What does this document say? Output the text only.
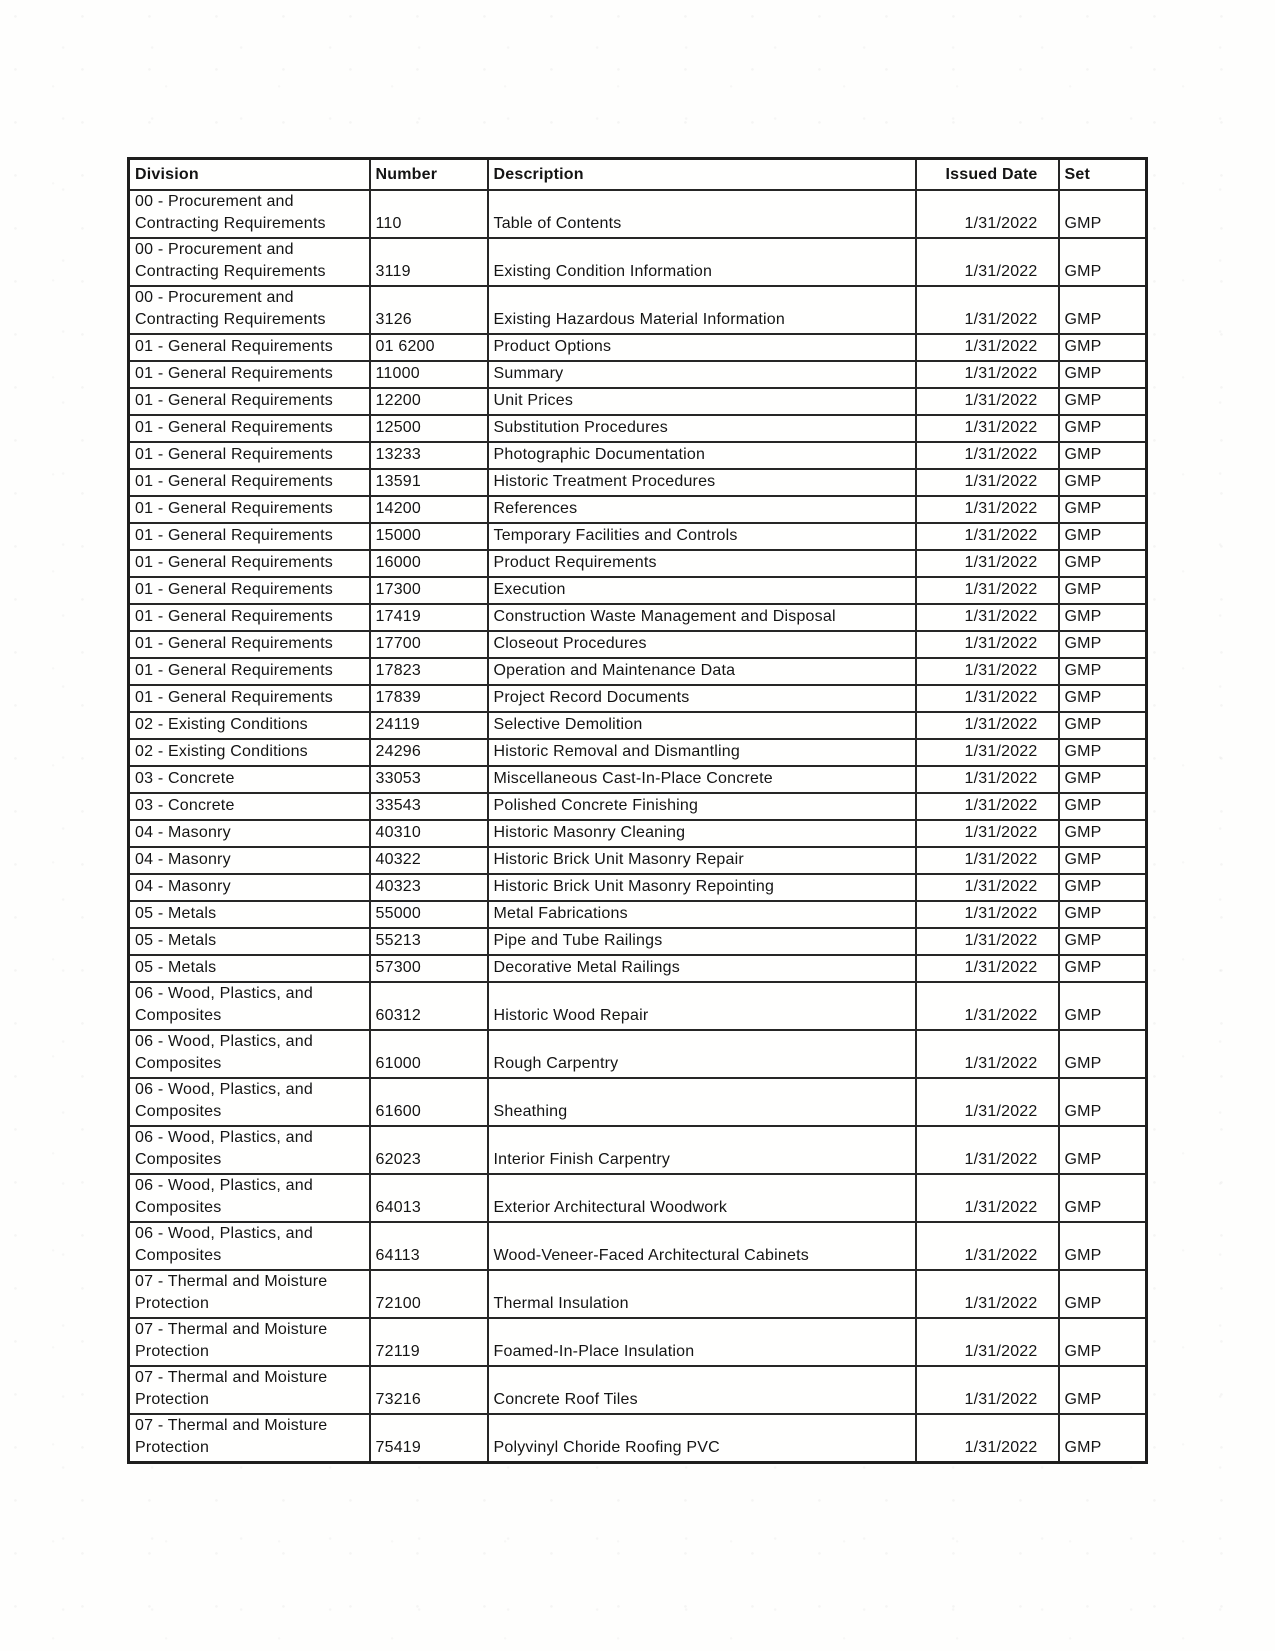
Division	Number	Description	Issued Date	Set
00 - Procurement and Contracting Requirements	110	Table of Contents	1/31/2022	GMP
00 - Procurement and Contracting Requirements	3119	Existing Condition Information	1/31/2022	GMP
00 - Procurement and Contracting Requirements	3126	Existing Hazardous Material Information	1/31/2022	GMP
01 - General Requirements	01 6200	Product Options	1/31/2022	GMP
01 - General Requirements	11000	Summary	1/31/2022	GMP
01 - General Requirements	12200	Unit Prices	1/31/2022	GMP
01 - General Requirements	12500	Substitution Procedures	1/31/2022	GMP
01 - General Requirements	13233	Photographic Documentation	1/31/2022	GMP
01 - General Requirements	13591	Historic Treatment Procedures	1/31/2022	GMP
01 - General Requirements	14200	References	1/31/2022	GMP
01 - General Requirements	15000	Temporary Facilities and Controls	1/31/2022	GMP
01 - General Requirements	16000	Product Requirements	1/31/2022	GMP
01 - General Requirements	17300	Execution	1/31/2022	GMP
01 - General Requirements	17419	Construction Waste Management and Disposal	1/31/2022	GMP
01 - General Requirements	17700	Closeout Procedures	1/31/2022	GMP
01 - General Requirements	17823	Operation and Maintenance Data	1/31/2022	GMP
01 - General Requirements	17839	Project Record Documents	1/31/2022	GMP
02 - Existing Conditions	24119	Selective Demolition	1/31/2022	GMP
02 - Existing Conditions	24296	Historic Removal and Dismantling	1/31/2022	GMP
03 - Concrete	33053	Miscellaneous Cast-In-Place Concrete	1/31/2022	GMP
03 - Concrete	33543	Polished Concrete Finishing	1/31/2022	GMP
04 - Masonry	40310	Historic Masonry Cleaning	1/31/2022	GMP
04 - Masonry	40322	Historic Brick Unit Masonry Repair	1/31/2022	GMP
04 - Masonry	40323	Historic Brick Unit Masonry Repointing	1/31/2022	GMP
05 - Metals	55000	Metal Fabrications	1/31/2022	GMP
05 - Metals	55213	Pipe and Tube Railings	1/31/2022	GMP
05 - Metals	57300	Decorative Metal Railings	1/31/2022	GMP
06 - Wood, Plastics, and Composites	60312	Historic Wood Repair	1/31/2022	GMP
06 - Wood, Plastics, and Composites	61000	Rough Carpentry	1/31/2022	GMP
06 - Wood, Plastics, and Composites	61600	Sheathing	1/31/2022	GMP
06 - Wood, Plastics, and Composites	62023	Interior Finish Carpentry	1/31/2022	GMP
06 - Wood, Plastics, and Composites	64013	Exterior Architectural Woodwork	1/31/2022	GMP
06 - Wood, Plastics, and Composites	64113	Wood-Veneer-Faced Architectural Cabinets	1/31/2022	GMP
07 - Thermal and Moisture Protection	72100	Thermal Insulation	1/31/2022	GMP
07 - Thermal and Moisture Protection	72119	Foamed-In-Place Insulation	1/31/2022	GMP
07 - Thermal and Moisture Protection	73216	Concrete Roof Tiles	1/31/2022	GMP
07 - Thermal and Moisture Protection	75419	Polyvinyl Choride Roofing PVC	1/31/2022	GMP
